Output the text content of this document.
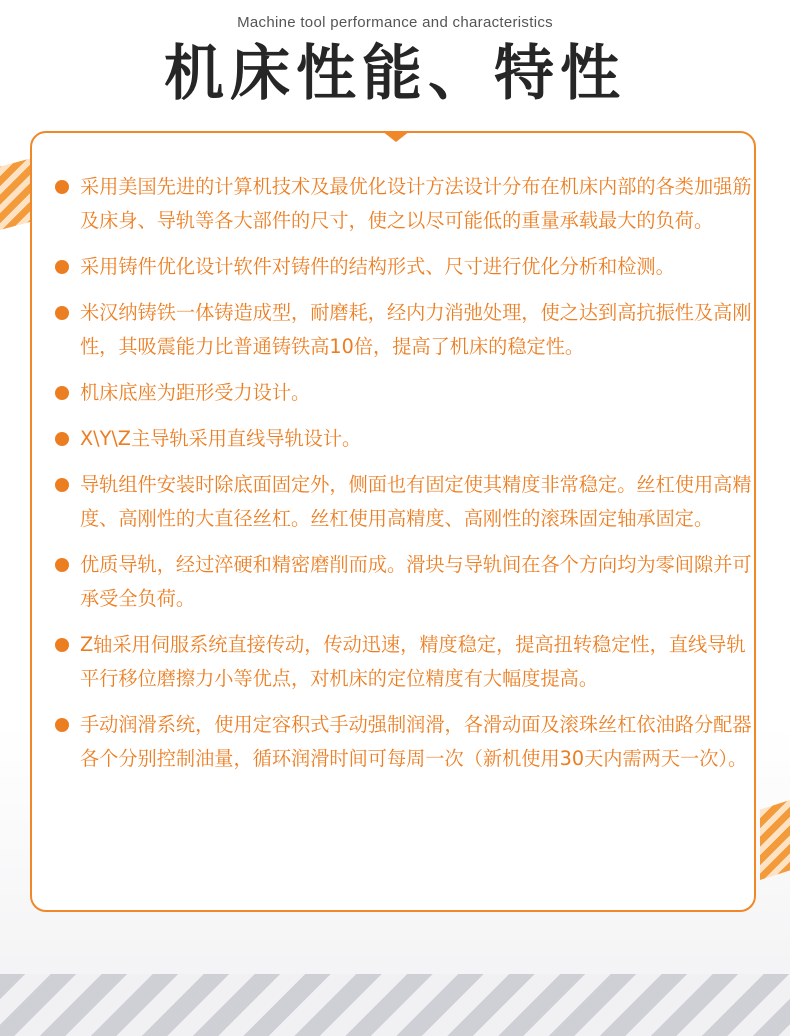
Machine tool performance and characteristics
机床性能、特性
采用美国先进的计算机技术及最优化设计方法设计分布在机床内部的各类加强筋及床身、导轨等各大部件的尺寸，使之以尽可能低的重量承载最大的负荷。
采用铸件优化设计软件对铸件的结构形式、尺寸进行优化分析和检测。
米汉纳铸铁一体铸造成型，耐磨耗，经内力消弛处理，使之达到高抗振性及高刚性，其吸震能力比普通铸铁高10倍，提高了机床的稳定性。
机床底座为距形受力设计。
X\Y\Z主导轨采用直线导轨设计。
导轨组件安装时除底面固定外，侧面也有固定使其精度非常稳定。丝杠使用高精度、高刚性的大直径丝杠。丝杠使用高精度、高刚性的滚珠固定轴承固定。
优质导轨，经过淬硬和精密磨削而成。滑块与导轨间在各个方向均为零间隙并可承受全负荷。
Z轴采用伺服系统直接传动，传动迅速，精度稳定，提高扭转稳定性，直线导轨平行移位磨擦力小等优点，对机床的定位精度有大幅度提高。
手动润滑系统，使用定容积式手动强制润滑，各滑动面及滚珠丝杠依油路分配器各个分别控制油量，循环润滑时间可每周一次（新机使用30天内需两天一次）。
